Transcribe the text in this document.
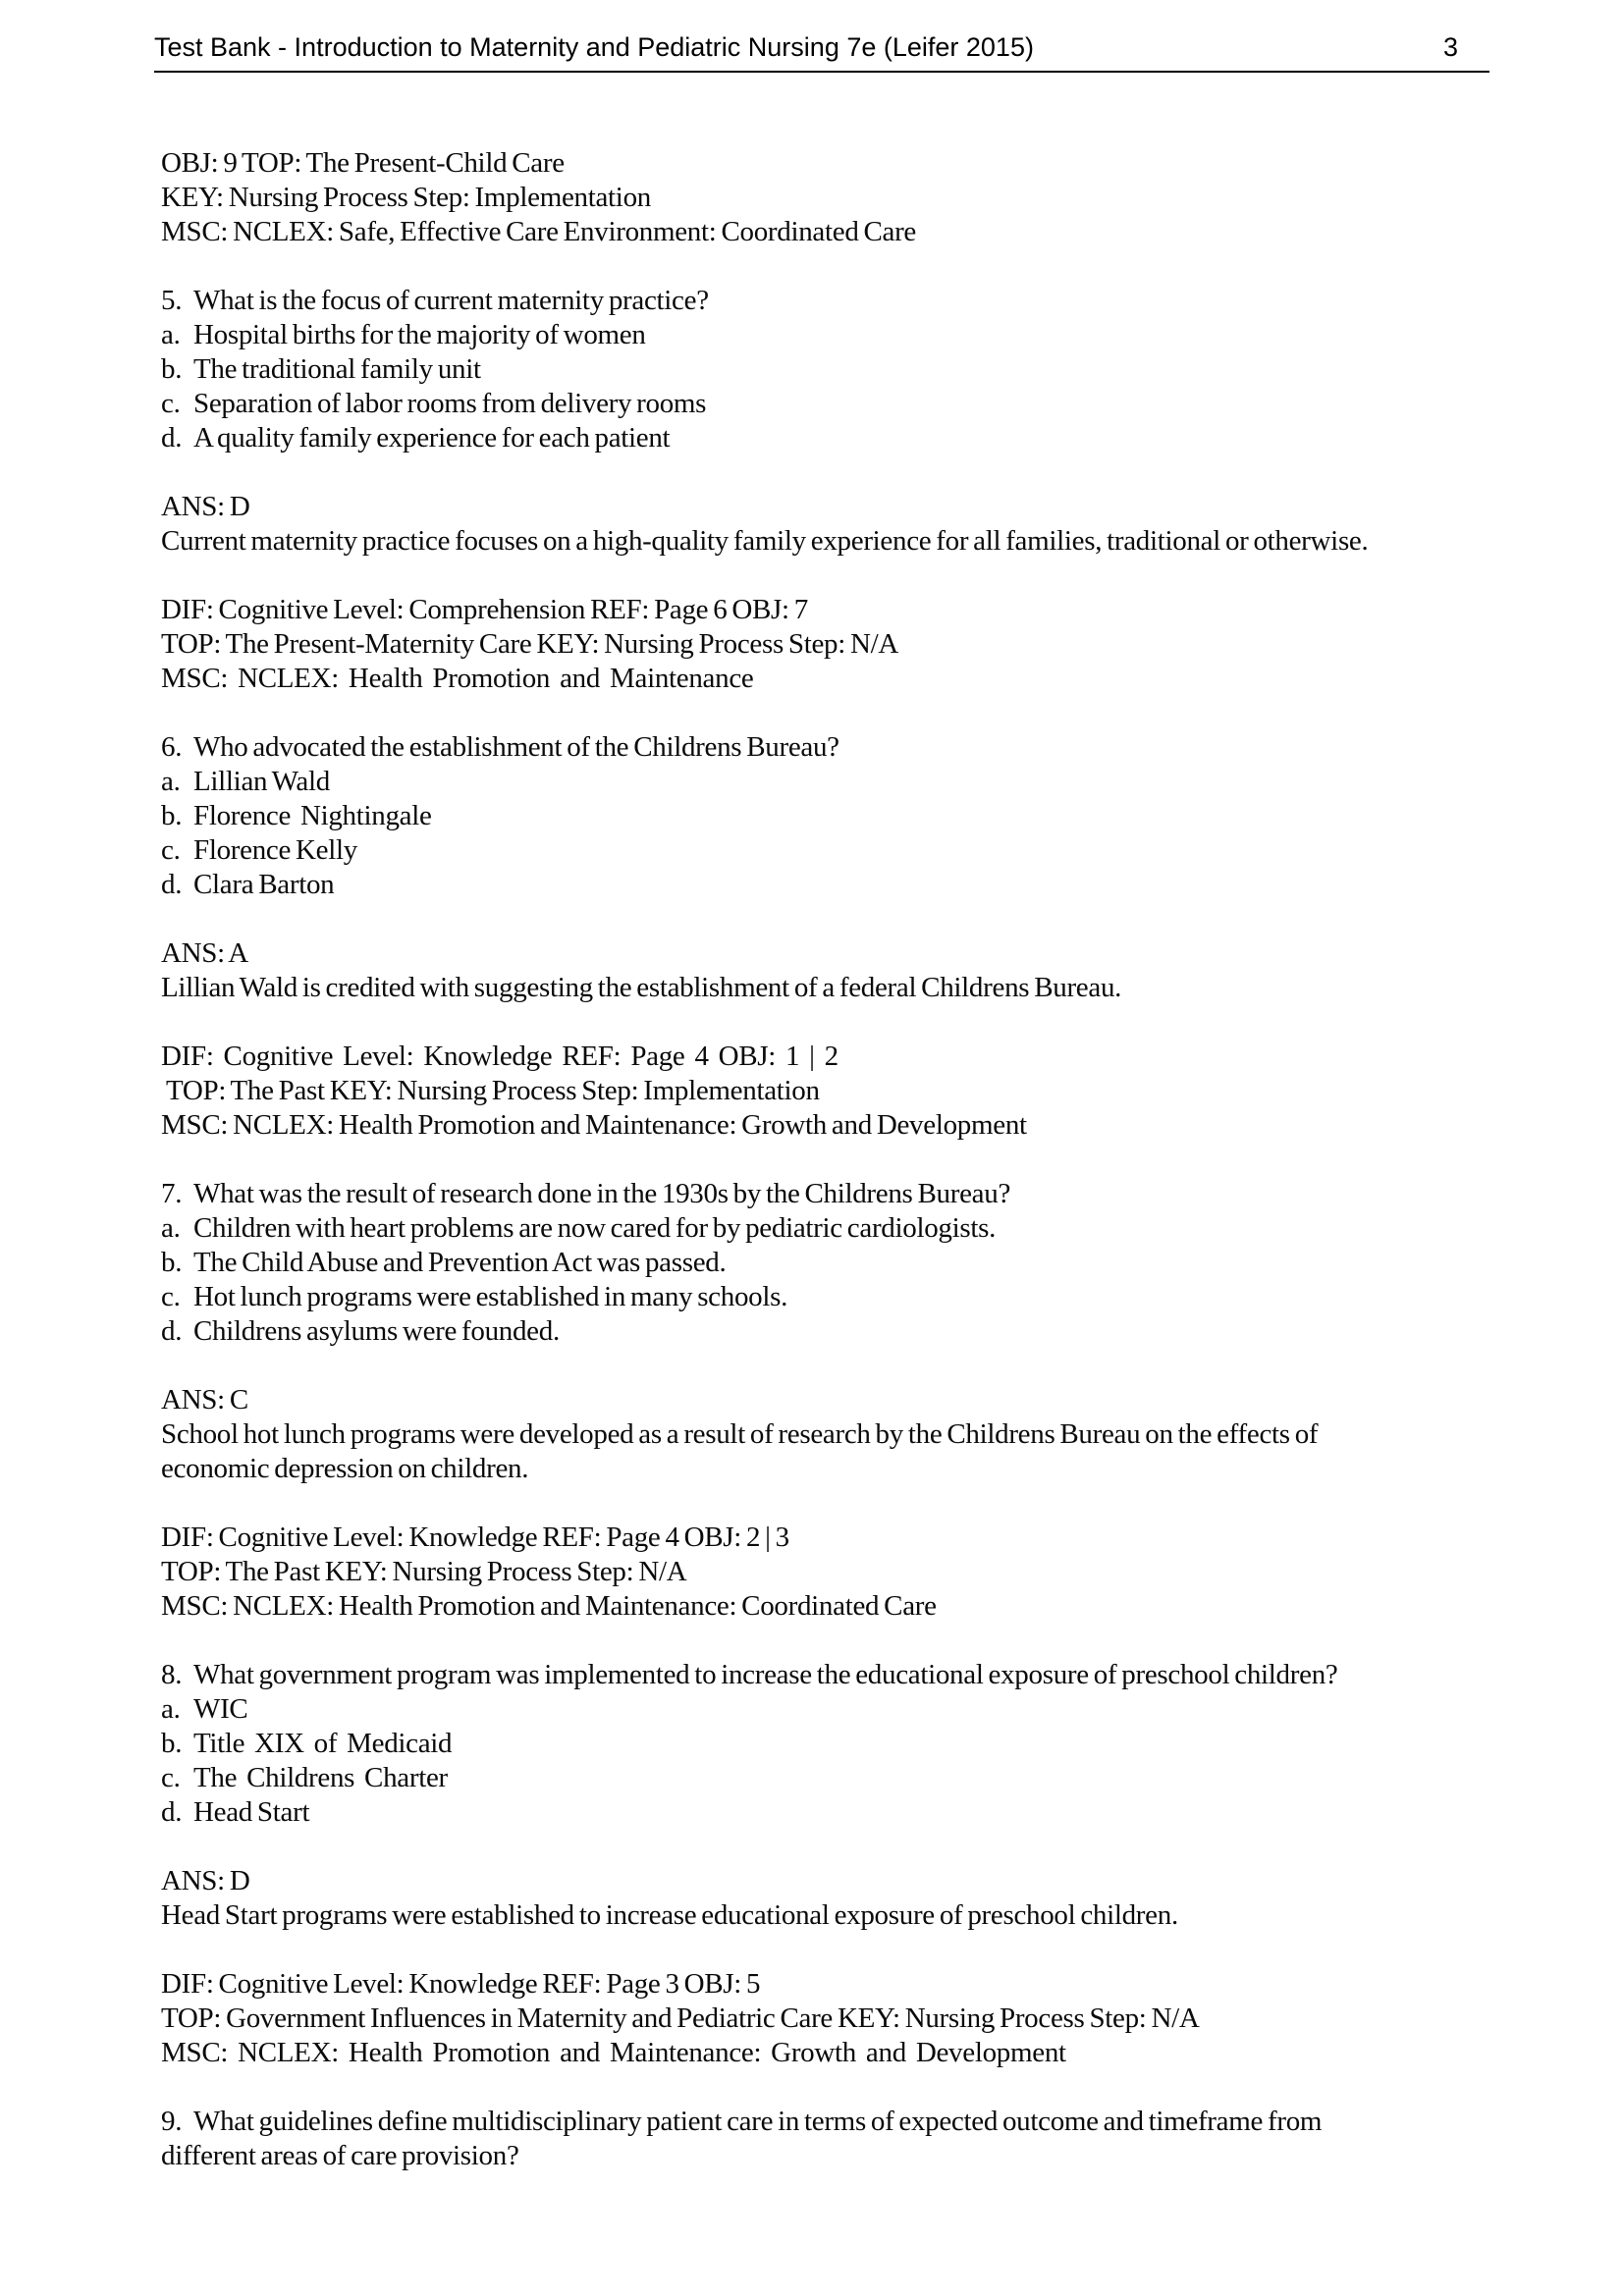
Test Bank - Introduction to Maternity and Pediatric Nursing 7e (Leifer 2015)	3
OBJ: 9 TOP: The Present-Child Care
KEY: Nursing Process Step: Implementation
MSC: NCLEX: Safe, Effective Care Environment: Coordinated Care
5. What is the focus of current maternity practice?
a. Hospital births for the majority of women
b. The traditional family unit
c. Separation of labor rooms from delivery rooms
d. A quality family experience for each patient
ANS: D
Current maternity practice focuses on a high-quality family experience for all families, traditional or otherwise.
DIF: Cognitive Level: Comprehension REF: Page 6 OBJ: 7
TOP: The Present-Maternity Care KEY: Nursing Process Step: N/A
MSC: NCLEX: Health Promotion and Maintenance
6. Who advocated the establishment of the Childrens Bureau?
a. Lillian Wald
b. Florence  Nightingale
c. Florence Kelly
d. Clara Barton
ANS: A
Lillian Wald is credited with suggesting the establishment of a federal Childrens Bureau.
DIF: Cognitive Level: Knowledge REF: Page 4 OBJ: 1 | 2
TOP: The Past KEY: Nursing Process Step: Implementation
MSC: NCLEX: Health Promotion and Maintenance: Growth and Development
7. What was the result of research done in the 1930s by the Childrens Bureau?
a. Children with heart problems are now cared for by pediatric cardiologists.
b. The Child Abuse and Prevention Act was passed.
c. Hot lunch programs were established in many schools.
d. Childrens asylums were founded.
ANS: C
School hot lunch programs were developed as a result of research by the Childrens Bureau on the effects of
economic depression on children.
DIF: Cognitive Level: Knowledge REF: Page 4 OBJ: 2 | 3
TOP: The Past KEY: Nursing Process Step: N/A
MSC: NCLEX: Health Promotion and Maintenance: Coordinated Care
8. What government program was implemented to increase the educational exposure of preschool children?
a. WIC
b. Title  XIX  of  Medicaid
c. The  Childrens  Charter
d. Head Start
ANS: D
Head Start programs were established to increase educational exposure of preschool children.
DIF: Cognitive Level: Knowledge REF: Page 3 OBJ: 5
TOP: Government Influences in Maternity and Pediatric Care KEY: Nursing Process Step: N/A
MSC: NCLEX: Health Promotion and Maintenance: Growth and Development
9. What guidelines define multidisciplinary patient care in terms of expected outcome and timeframe from
different areas of care provision?
